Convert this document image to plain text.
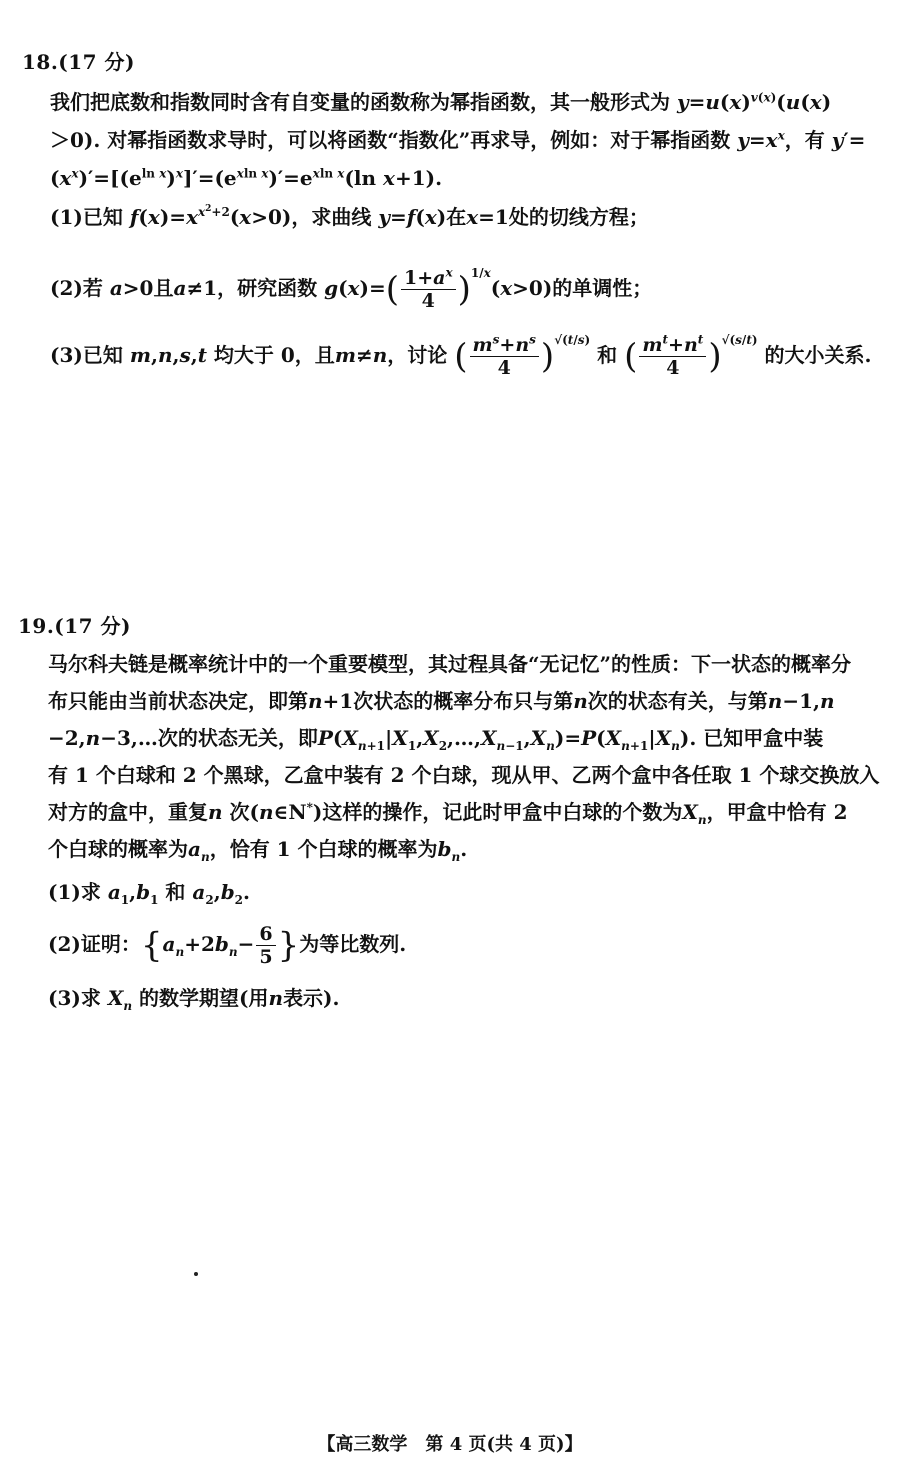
18.(17 分)
我们把底数和指数同时含有自变量的函数称为幂指函数，其一般形式为 $y=u(x)^{v(x)}(u(x)$
＞0). 对幂指函数求导时，可以将函数“指数化”再求导，例如：对于幂指函数 $y=x^x$，有 y′=
$(x^x)'=[(e^{ln x})^x]'=(e^{xln x})'=e^{xln x}(\ln$ x+1).
(1)已知 $f(x)=x^{x^2+2}(x>0)$，求曲线 y=f(x)在x=1处的切线方程；
(2)若 a>0且a≠1，研究函数 $g(x)=( \frac{1+a^x}{4} )^{1/x}(x>0)$的单调性；
(3)已知 m,n,s,t 均大于 0，且m≠n，讨论 ( $\frac{m^s+n^s}{4} )^{√(t/s)}$ 和 ( $\frac{m^t+n^t}{4} )^{√(s/t)}$ 的大小关系.
19.(17 分)
马尔科夫链是概率统计中的一个重要模型，其过程具备“无记忆”的性质：下一状态的概率分
布只能由当前状态决定，即第n+1次状态的概率分布只与第n次的状态有关，与第n−1,n
−2,n−3,…次的状态无关，即$P(X_{n+1}|X_1,X_2,\dots,X_{n-1},X_n)=P(X_{n+1}|X_n)$. 已知甲盒中装
有 1 个白球和 2 个黑球，乙盒中装有 2 个白球，现从甲、乙两个盒中各任取 1 个球交换放入
对方的盒中，重复n 次(n∈N*)这样的操作，记此时甲盒中白球的个数为$X_n$，甲盒中恰有 2
个白球的概率为$a_n$，恰有 1 个白球的概率为$b_n$.
(1)求 $a_1,b_1$ 和 $a_2,b_2$.
(2)证明：{$a_n+2b_n- \frac{6}{5}$ }为等比数列.
(3)求 $X_n$ 的数学期望(用n表示).
【高三数学　第 4 页(共 4 页)】
